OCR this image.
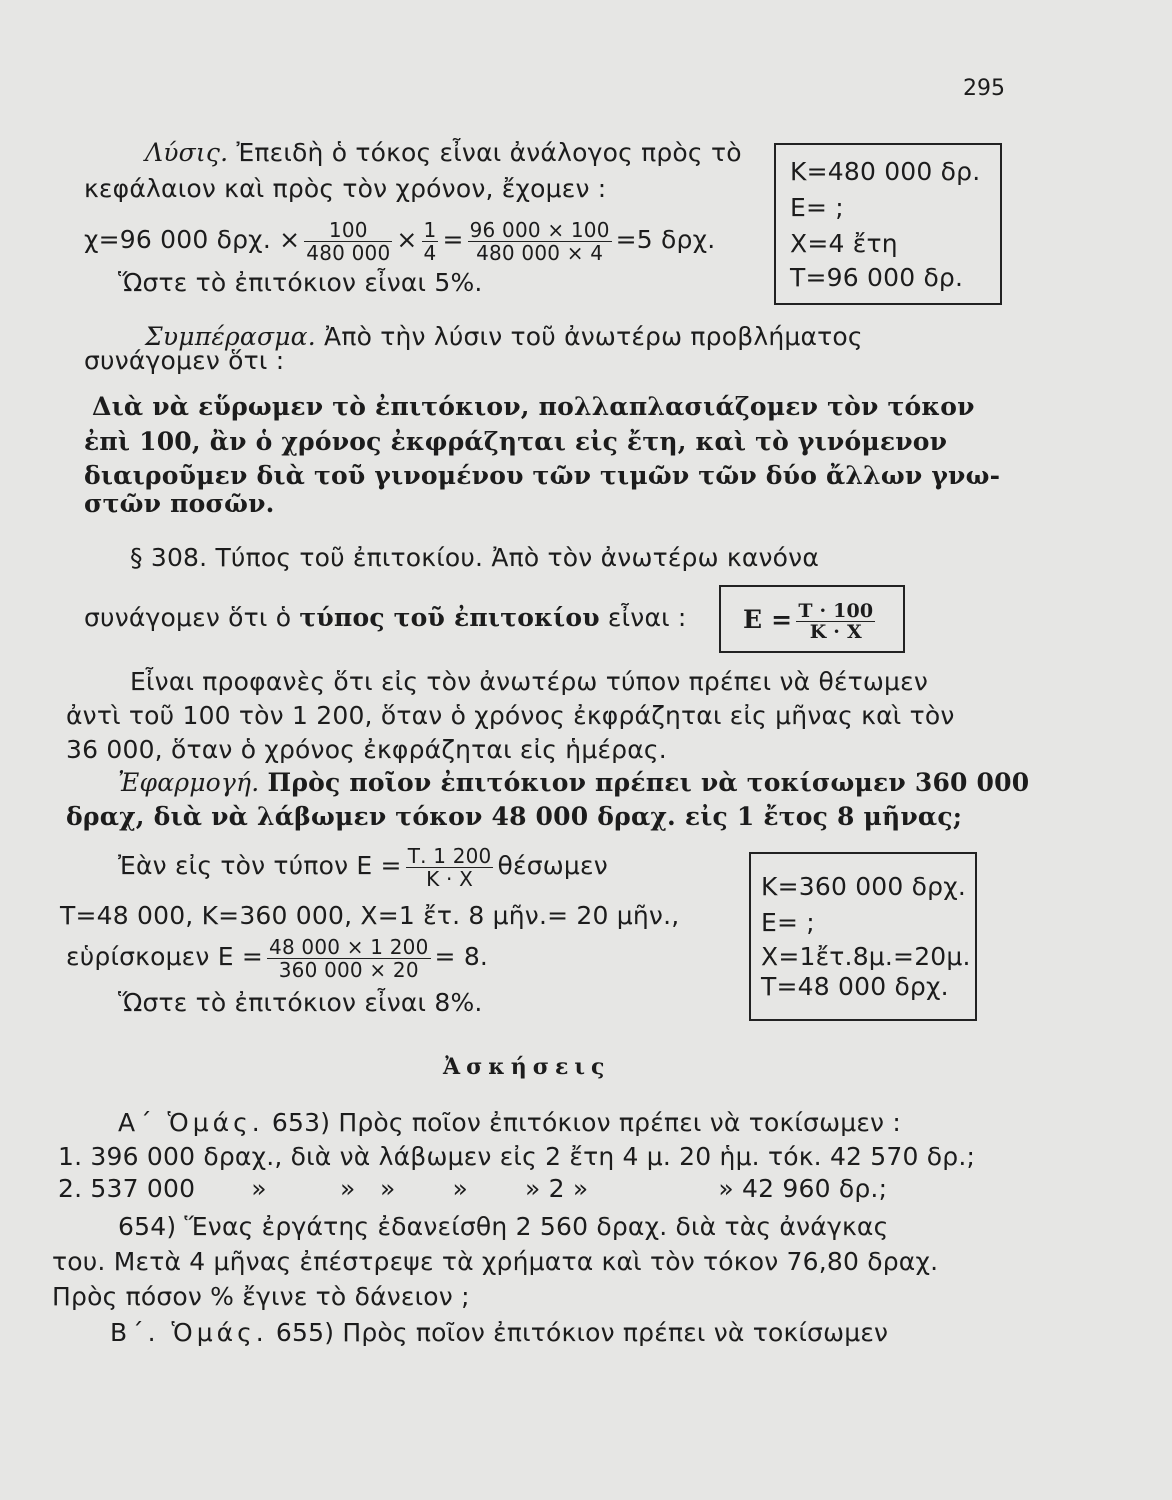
295
Λύσις. Ἐπειδὴ ὁ τόκος εἶναι ἀνάλογος πρὸς τὸ
κεφάλαιον καὶ πρὸς τὸν χρόνον, ἔχομεν :
χ=96 000 δρχ. × $\frac{100}{480 000} \times \frac{1}{4} = \frac{96 000 \times 100}{480 000 \times 4} =5$ δρχ.
Ὥστε τὸ ἐπιτόκιον εἶναι 5%.
Κ=480 000 δρ.
Ε= ;
Χ=4 ἔτη
Τ=96 000 δρ.
Συμπέρασμα. Ἀπὸ τὴν λύσιν τοῦ ἀνωτέρω προβλήματος
συνάγομεν ὅτι :
Διὰ νὰ εὕρωμεν τὸ ἐπιτόκιον, πολλαπλασιάζομεν τὸν τόκον
ἐπὶ 100, ἂν ὁ χρόνος ἐκφράζηται εἰς ἔτη, καὶ τὸ γινόμενον
διαιροῦμεν διὰ τοῦ γινομένου τῶν τιμῶν τῶν δύο ἄλλων γνω-
στῶν ποσῶν.
§ 308. Τύπος τοῦ ἐπιτοκίου. Ἀπὸ τὸν ἀνωτέρω κανόνα
συνάγομεν ὅτι ὁ τύπος τοῦ ἐπιτοκίου εἶναι : $E = \frac{T \cdot 100}{K \cdot X}$
Εἶναι προφανὲς ὅτι εἰς τὸν ἀνωτέρω τύπον πρέπει νὰ θέτωμεν
ἀντὶ τοῦ 100 τὸν 1 200, ὅταν ὁ χρόνος ἐκφράζηται εἰς μῆνας καὶ τὸν
36 000, ὅταν ὁ χρόνος ἐκφράζηται εἰς ἡμέρας.
Ἐφαρμογή. Πρὸς ποῖον ἐπιτόκιον πρέπει νὰ τοκίσωμεν 360 000
δραχ, διὰ νὰ λάβωμεν τόκον 48 000 δραχ. εἰς 1 ἔτος 8 μῆνας;
Ἐὰν εἰς τὸν τύπον $E = \frac{T. 1 200}{K \cdot X}$ θέσωμεν
Τ=48 000, Κ=360 000, Χ=1 ἔτ. 8 μῆν.= 20 μῆν.,
εὑρίσκομεν $E = \frac{48 000 \times 1 200}{360 000 \times 20} = 8$.
Ὥστε τὸ ἐπιτόκιον εἶναι 8%.
Κ=360 000 δρχ.
Ε= ;
Χ=1ἔτ.8μ.=20μ.
Τ=48 000 δρχ.
Ἀσκήσεις
Α΄ Ὁμάς. 653) Πρὸς ποῖον ἐπιτόκιον πρέπει νὰ τοκίσωμεν :
1. 396 000 δραχ., διὰ νὰ λάβωμεν εἰς 2 ἔτη 4 μ. 20 ἡμ. τόκ. 42 570 δρ.;
2. 537 000 »         »   »       »       » 2 »	» 42 960 δρ.;
654) Ἕνας ἐργάτης ἐδανείσθη 2 560 δραχ. διὰ τὰς ἀνάγκας
του. Μετὰ 4 μῆνας ἐπέστρεψε τὰ χρήματα καὶ τὸν τόκον 76,80 δραχ.
Πρὸς πόσον % ἔγινε τὸ δάνειον ;
Β΄. Ὁμάς. 655) Πρὸς ποῖον ἐπιτόκιον πρέπει νὰ τοκίσωμεν
